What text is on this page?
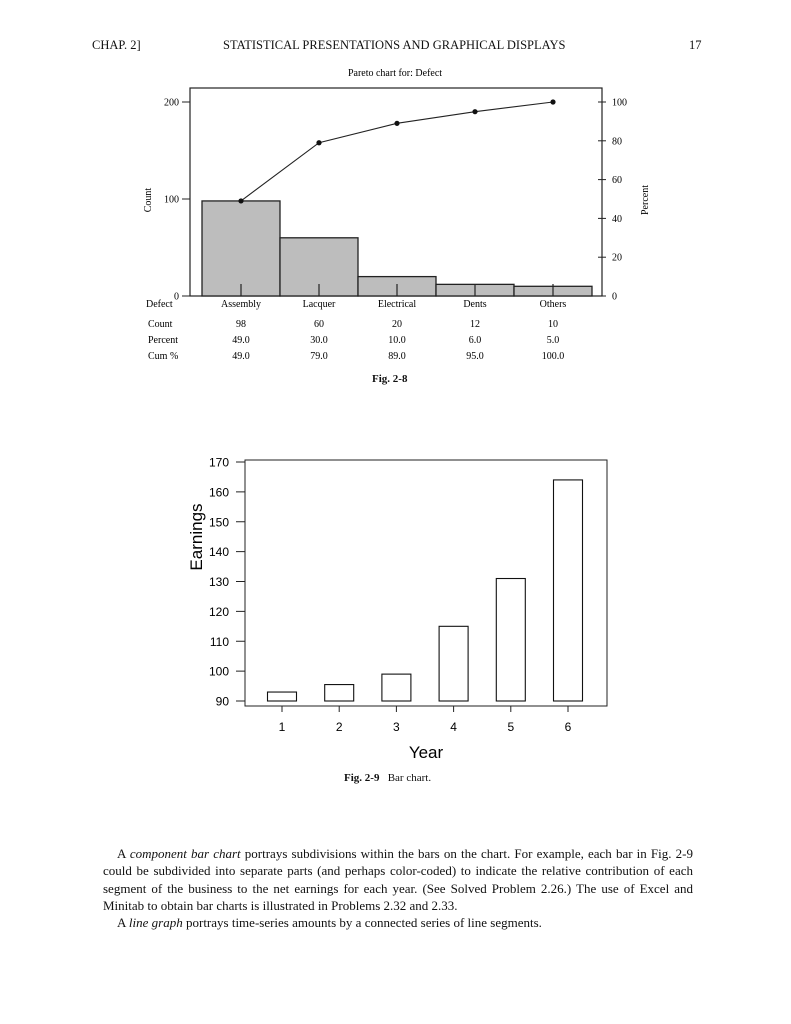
CHAP. 2]	STATISTICAL PRESENTATIONS AND GRAPHICAL DISPLAYS	17
Pareto chart for: Defect
0
100
200
0
20
40
60
80
100
Count	Percent
Defect	Assembly	Lacquer	Electrical	Dents	Others
Count	98	60	20	12	10
Percent	49.0	30.0	10.0	6.0	5.0
Cum %	49.0	79.0	89.0	95.0	100.0
Fig. 2-8
90
100
110
120
130
140
150
160
170
1	2	3	4	5	6
Earnings
Year
Fig. 2-9 Bar chart.

A component bar chart portrays subdivisions within the bars on the chart. For example, each bar in Fig. 2-9 could be subdivided into separate parts (and perhaps color-coded) to indicate the relative contribution of each segment of the business to the net earnings for each year. (See Solved Problem 2.26.) The use of Excel and Minitab to obtain bar charts is illustrated in Problems 2.32 and 2.33.

A line graph portrays time-series amounts by a connected series of line segments.
